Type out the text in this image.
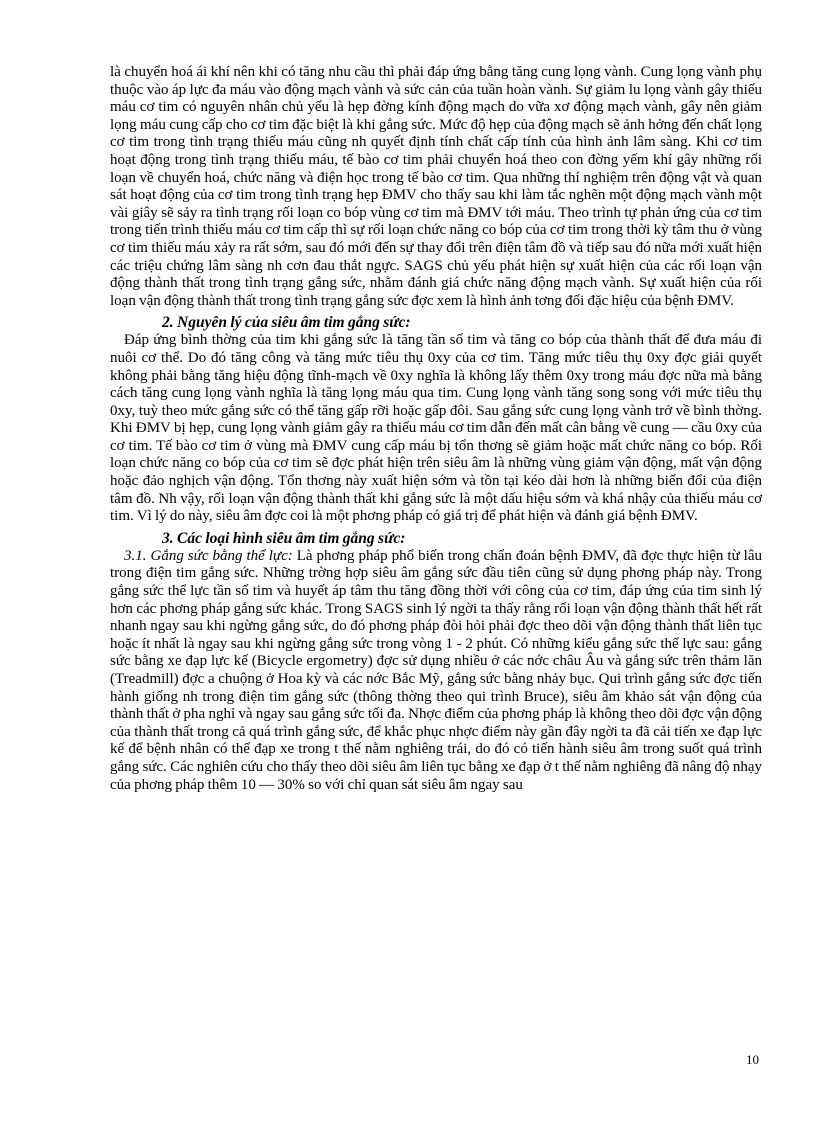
là chuyển hoá ái khí nên khi có tăng nhu cầu thì phải đáp ứng bằng tăng cung lọng vành. Cung lọng vành phụ thuộc vào áp lực đa máu vào động mạch vành và sức cản của tuần hoàn vành. Sự giảm lu lọng vành gây thiếu máu cơ tim có nguyên nhân chủ yếu là hẹp đờng kính động mạch do vữa xơ động mạch vành, gây nên giảm lọng máu cung cấp cho cơ tim đặc biệt là khi gắng sức. Mức độ hẹp của động mạch sẽ ảnh hởng đến chất lọng cơ tim trong tình trạng thiếu máu cũng nh quyết định tính chất cấp tính của hình ảnh lâm sàng. Khi cơ tim hoạt động trong tình trạng thiếu máu, tế bào cơ tim phải chuyển hoá theo con đờng yếm khí gây những rối loạn về chuyển hoá, chức năng và điện học trong tế bào cơ tim. Qua những thí nghiệm trên động vật và quan sát hoạt động của cơ tim trong tình trạng hẹp ĐMV cho thấy sau khi làm tắc nghẽn một động mạch vành một vài giây sẽ sảy ra tình trạng rối loạn co bóp vùng cơ tim mà ĐMV tới máu. Theo trình tự phản ứng của cơ tim trong tiến trình thiếu máu cơ tim cấp thì sự rối loạn chức năng co bóp của cơ tim trong thời kỳ tâm thu ở vùng cơ tim thiếu máu xảy ra rất sớm, sau đó mới đến sự thay đổi trên điện tâm đồ và tiếp sau đó nữa mới xuất hiện các triệu chứng lâm sàng nh cơn đau thắt ngực. SAGS chủ yếu phát hiện sự xuất hiện của các rối loạn vận động thành thất trong tình trạng gắng sức, nhằm đánh giá chức năng động mạch vành. Sự xuất hiện của rối loạn vận động thành thất trong tình trạng gắng sức đợc xem là hình ảnh tơng đối đặc hiệu của bệnh ĐMV.

2. Nguyên lý của siêu âm tim gắng sức:

Đáp ứng bình thờng của tim khi gắng sức là tăng tần số tim và tăng co bóp của thành thất để đưa máu đi nuôi cơ thể. Do đó tăng công và tăng mức tiêu thụ 0xy của cơ tim. Tăng mức tiêu thụ 0xy đợc giải quyết không phải bằng tăng hiệu động tĩnh-mạch về 0xy nghĩa là không lấy thêm 0xy trong máu đợc nữa mà bằng cách tăng cung lọng vành nghĩa là tăng lọng máu qua tim. Cung lọng vành tăng song song với mức tiêu thụ 0xy, tuỳ theo mức gắng sức có thể tăng gấp rỡi hoặc gấp đôi. Sau gắng sức cung lọng vành trở về bình thờng. Khi ĐMV bị hẹp, cung lọng vành giảm gây ra thiếu máu cơ tim dẫn đến mất cân bằng về cung — cầu 0xy của cơ tim. Tế bào cơ tim ở vùng mà ĐMV cung cấp máu bị tổn thơng sẽ giảm hoặc mất chức năng co bóp. Rối loạn chức năng co bóp của cơ tim sẽ đợc phát hiện trên siêu âm là những vùng giảm vận động, mất vận động hoặc đảo nghịch vận động. Tổn thơng này xuất hiện sớm và tồn tại kéo dài hơn là những biến đổi của điện tâm đồ. Nh vậy, rối loạn vận động thành thất khi gắng sức là một dấu hiệu sớm và khá nhậy của thiếu máu cơ tim. Vì lý do này, siêu âm đợc coi là một phơng pháp có giá trị để phát hiện và đánh giá bệnh ĐMV.

3. Các loại hình siêu âm tim gắng sức:

3.1. Gắng sức bằng thể lực: Là phơng pháp phổ biến trong chẩn đoán bệnh ĐMV, đã đợc thực hiện từ lâu trong điện tim gắng sức. Những trờng hợp siêu âm gắng sức đầu tiên cũng sử dụng phơng pháp này. Trong gắng sức thể lực tần số tim và huyết áp tâm thu tăng đồng thời với công của cơ tim, đáp ứng của tim sinh lý hơn các phơng pháp gắng sức khác. Trong SAGS sinh lý ngời ta thấy rằng rối loạn vận động thành thất hết rất nhanh ngay sau khi ngừng gắng sức, do đó phơng pháp đòi hỏi phải đợc theo dõi vận động thành thất liên tục hoặc ít nhất là ngay sau khi ngừng gắng sức trong vòng 1 - 2 phút. Có những kiểu gắng sức thể lực sau: gắng sức bằng xe đạp lực kế (Bicycle ergometry) đợc sử dụng nhiều ở các nớc châu Âu và gắng sức trên thảm lăn (Treadmill) đợc a chuộng ở Hoa kỳ và các nớc Bắc Mỹ, gắng sức bằng nhảy bục. Qui trình gắng sức đợc tiến hành giống nh trong điện tim gắng sức (thông thờng theo qui trình Bruce), siêu âm khảo sát vận động của thành thất ở pha nghỉ và ngay sau gắng sức tối đa. Nhợc điểm của phơng pháp là không theo dõi đợc vận động của thành thất trong cả quá trình gắng sức, để khắc phục nhợc điểm này gần đây ngời ta đã cải tiến xe đạp lực kế để bệnh nhân có thể đạp xe trong t thế nằm nghiêng trái, do đó có tiến hành siêu âm trong suốt quá trình gắng sức. Các nghiên cứu cho thấy theo dõi siêu âm liên tục bằng xe đạp ở t thế nằm nghiêng đã nâng độ nhạy của phơng pháp thêm 10 — 30% so với chỉ quan sát siêu âm ngay sau

10
